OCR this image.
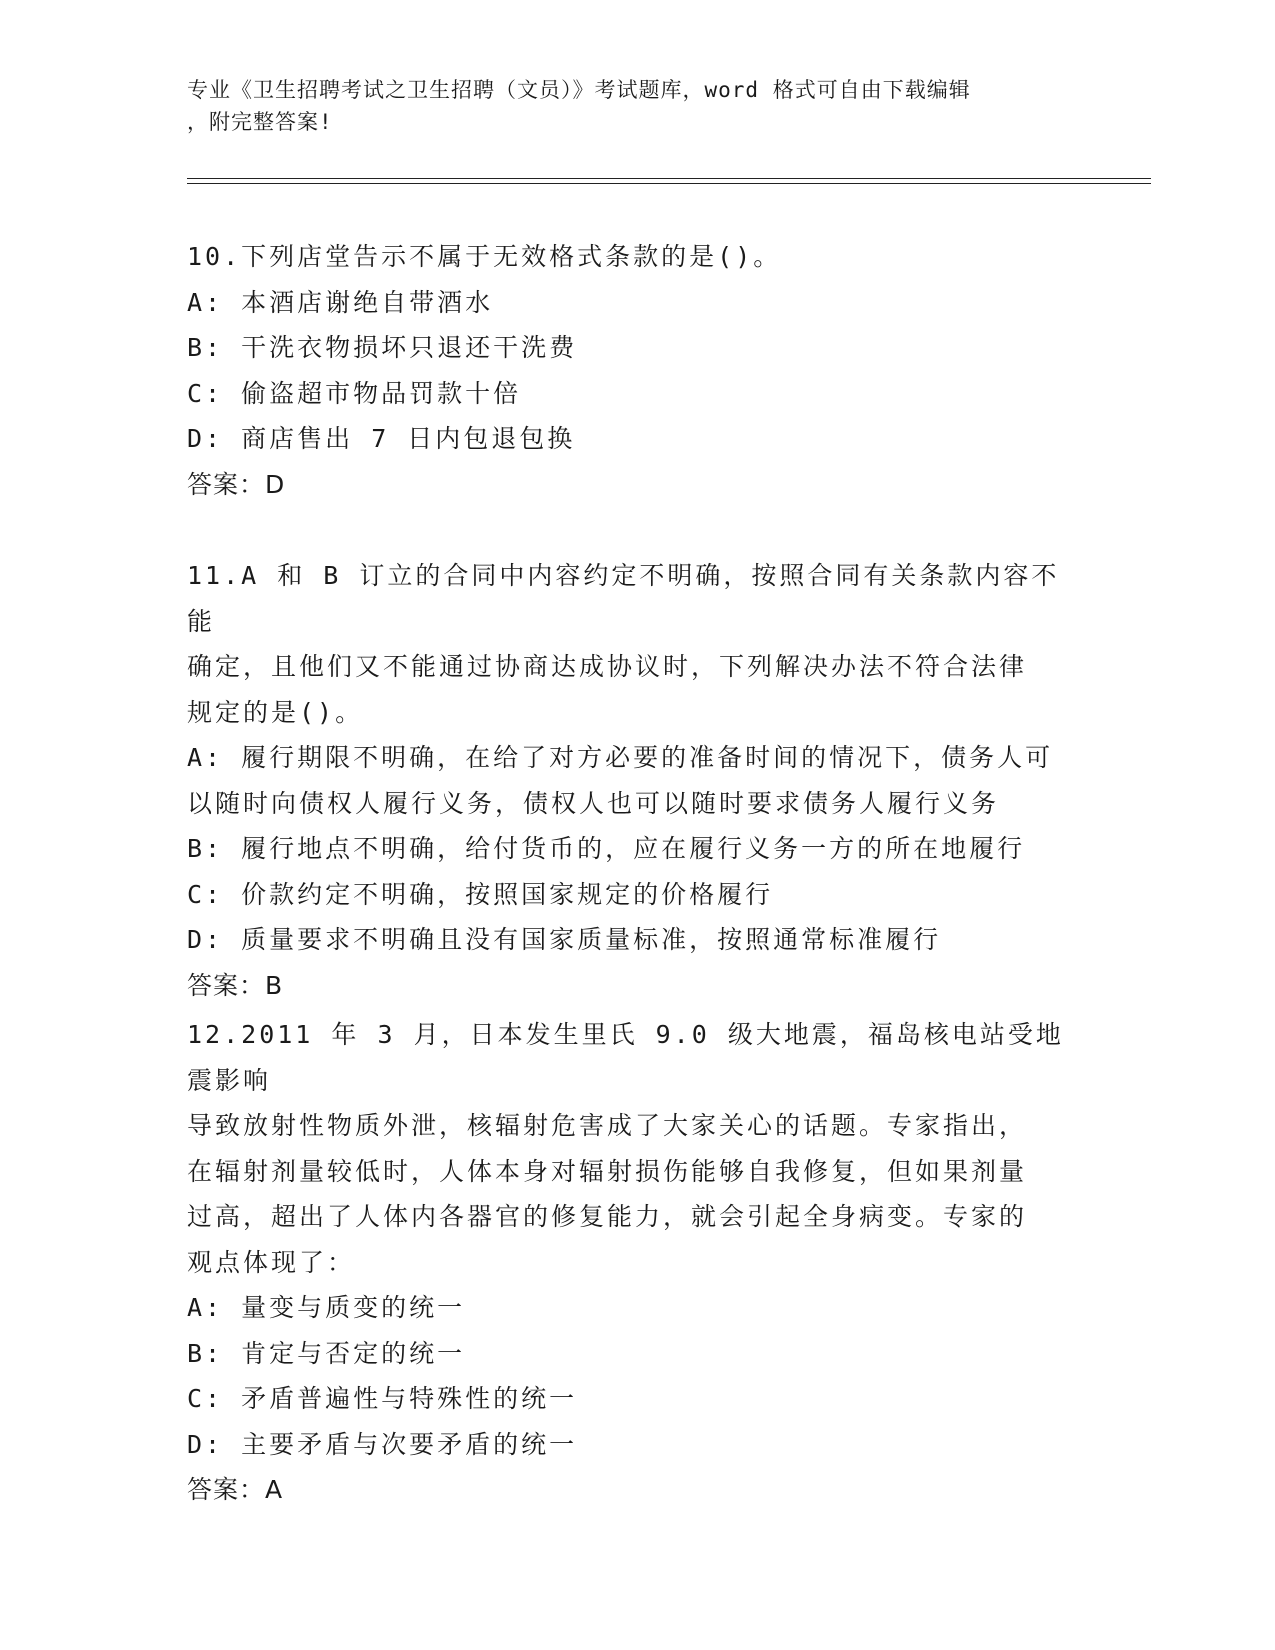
专业《卫生招聘考试之卫生招聘（文员）》考试题库，word 格式可自由下载编辑

，附完整答案!

10.下列店堂告示不属于无效格式条款的是()。
A: 本酒店谢绝自带酒水
B: 干洗衣物损坏只退还干洗费
C: 偷盗超市物品罚款十倍
D: 商店售出 7 日内包退包换
答案：D
11.A 和 B 订立的合同中内容约定不明确，按照合同有关条款内容不能
确定，且他们又不能通过协商达成协议时，下列解决办法不符合法律
规定的是()。
A: 履行期限不明确，在给了对方必要的准备时间的情况下，债务人可
以随时向债权人履行义务，债权人也可以随时要求债务人履行义务
B: 履行地点不明确，给付货币的，应在履行义务一方的所在地履行
C: 价款约定不明确，按照国家规定的价格履行
D: 质量要求不明确且没有国家质量标准，按照通常标准履行
答案：B
12.2011 年 3 月，日本发生里氏 9.0 级大地震，福岛核电站受地震影响
导致放射性物质外泄，核辐射危害成了大家关心的话题。专家指出，
在辐射剂量较低时，人体本身对辐射损伤能够自我修复，但如果剂量
过高，超出了人体内各器官的修复能力，就会引起全身病变。专家的
观点体现了：
A: 量变与质变的统一
B: 肯定与否定的统一
C: 矛盾普遍性与特殊性的统一
D: 主要矛盾与次要矛盾的统一
答案：A
